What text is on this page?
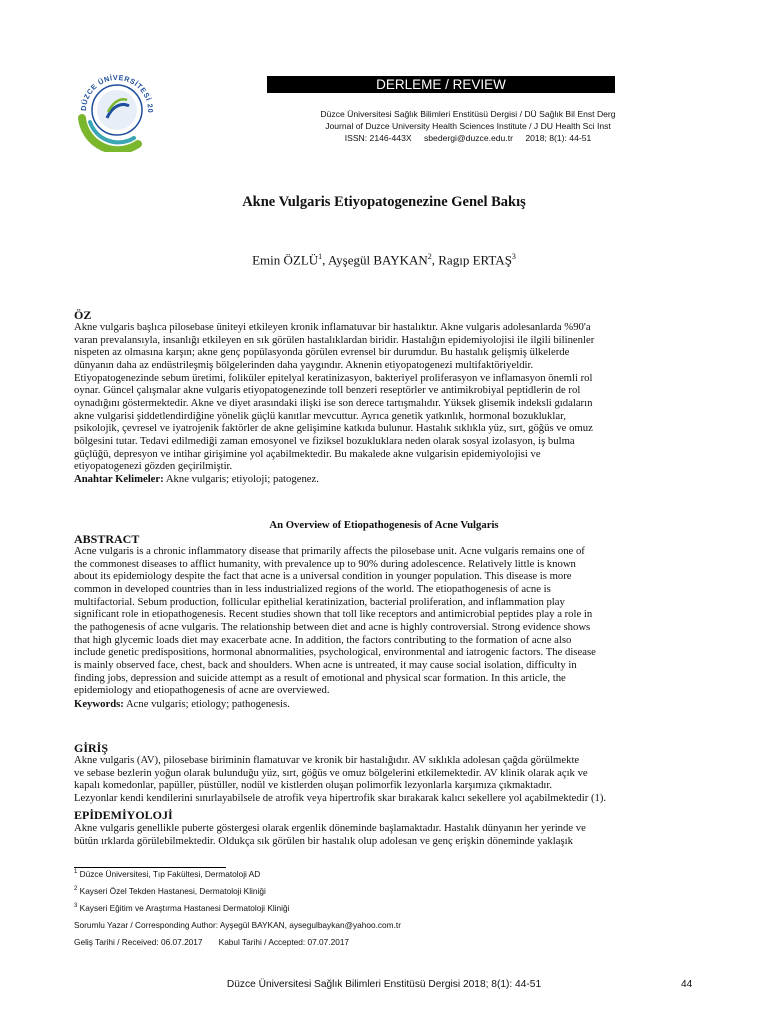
DÜZCE ÜNİVERSİTESİ 20
DERLEME / REVIEW
Düzce Üniversitesi Sağlık Bilimleri Enstitüsü Dergisi / DÜ Sağlık Bil Enst Derg
Journal of Duzce University Health Sciences Institute / J DU Health Sci Inst
ISSN: 2146-443X sbedergi@duzce.edu.tr 2018; 8(1): 44-51
Akne Vulgaris Etiyopatogenezine Genel Bakış
Emin ÖZLÜ$^1$, Ayşegül BAYKAN$^2$, Ragıp ERTAŞ$^3$
ÖZ
Akne vulgaris başlıca pilosebase üniteyi etkileyen kronik inflamatuvar bir hastalıktır. Akne vulgaris adolesanlarda %90'a
varan prevalansıyla, insanlığı etkileyen en sık görülen hastalıklardan biridir. Hastalığın epidemiyolojisi ile ilgili bilinenler
nispeten az olmasına karşın; akne genç popülasyonda görülen evrensel bir durumdur. Bu hastalık gelişmiş ülkelerde
dünyanın daha az endüstrileşmiş bölgelerinden daha yaygındır. Aknenin etiyopatogenezi multifaktöriyeldir.
Etiyopatogenezinde sebum üretimi, foliküler epitelyal keratinizasyon, bakteriyel proliferasyon ve inflamasyon önemli rol
oynar. Güncel çalışmalar akne vulgaris etiyopatogenezinde toll benzeri reseptörler ve antimikrobiyal peptidlerin de rol
oynadığını göstermektedir. Akne ve diyet arasındaki ilişki ise son derece tartışmalıdır. Yüksek glisemik indeksli gıdaların
akne vulgarisi şiddetlendirdiğine yönelik güçlü kanıtlar mevcuttur. Ayrıca genetik yatkınlık, hormonal bozukluklar,
psikolojik, çevresel ve iyatrojenik faktörler de akne gelişimine katkıda bulunur. Hastalık sıklıkla yüz, sırt, göğüs ve omuz
bölgesini tutar. Tedavi edilmediği zaman emosyonel ve fiziksel bozukluklara neden olarak sosyal izolasyon, iş bulma
güçlüğü, depresyon ve intihar girişimine yol açabilmektedir. Bu makalede akne vulgarisin epidemiyolojisi ve
etiyopatogenezi gözden geçirilmiştir.
Anahtar Kelimeler: Akne vulgaris; etiyoloji; patogenez.
An Overview of Etiopathogenesis of Acne Vulgaris
ABSTRACT
Acne vulgaris is a chronic inflammatory disease that primarily affects the pilosebase unit. Acne vulgaris remains one of
the commonest diseases to afflict humanity, with prevalence up to 90% during adolescence. Relatively little is known
about its epidemiology despite the fact that acne is a universal condition in younger population. This disease is more
common in developed countries than in less industrialized regions of the world. The etiopathogenesis of acne is
multifactorial. Sebum production, follicular epithelial keratinization, bacterial proliferation, and inflammation play
significant role in etiopathogenesis. Recent studies shown that toll like receptors and antimicrobial peptides play a role in
the pathogenesis of acne vulgaris. The relationship between diet and acne is highly controversial. Strong evidence shows
that high glycemic loads diet may exacerbate acne. In addition, the factors contributing to the formation of acne also
include genetic predispositions, hormonal abnormalities, psychological, environmental and iatrogenic factors. The disease
is mainly observed face, chest, back and shoulders. When acne is untreated, it may cause social isolation, difficulty in
finding jobs, depression and suicide attempt as a result of emotional and physical scar formation. In this article, the
epidemiology and etiopathogenesis of acne are overviewed.
Keywords: Acne vulgaris; etiology; pathogenesis.
GİRİŞ
Akne vulgaris (AV), pilosebase biriminin flamatuvar ve kronik bir hastalığıdır. AV sıklıkla adolesan çağda görülmekte
ve sebase bezlerin yoğun olarak bulunduğu yüz, sırt, göğüs ve omuz bölgelerini etkilemektedir. AV klinik olarak açık ve
kapalı komedonlar, papüller, püstüller, nodül ve kistlerden oluşan polimorfik lezyonlarla karşımıza çıkmaktadır.
Lezyonlar kendi kendilerini sınırlayabilsele de atrofik veya hipertrofik skar bırakarak kalıcı sekellere yol açabilmektedir (1).
EPİDEMİYOLOJİ
Akne vulgaris genellikle puberte göstergesi olarak ergenlik döneminde başlamaktadır. Hastalık dünyanın her yerinde ve
bütün ırklarda görülebilmektedir. Oldukça sık görülen bir hastalık olup adolesan ve genç erişkin döneminde yaklaşık
$^1$ Düzce Üniversitesi, Tıp Fakültesi, Dermatoloji AD
$^2$ Kayseri Özel Tekden Hastanesi, Dermatoloji Kliniği
$^3$ Kayseri Eğitim ve Araştırma Hastanesi Dermatoloji Kliniği
Sorumlu Yazar / Corresponding Author: Ayşegül BAYKAN, aysegulbaykan@yahoo.com.tr
Geliş Tarihi / Received: 06.07.2017       Kabul Tarihi / Accepted: 07.07.2017
Düzce Üniversitesi Sağlık Bilimleri Enstitüsü Dergisi 2018; 8(1): 44-51	44
